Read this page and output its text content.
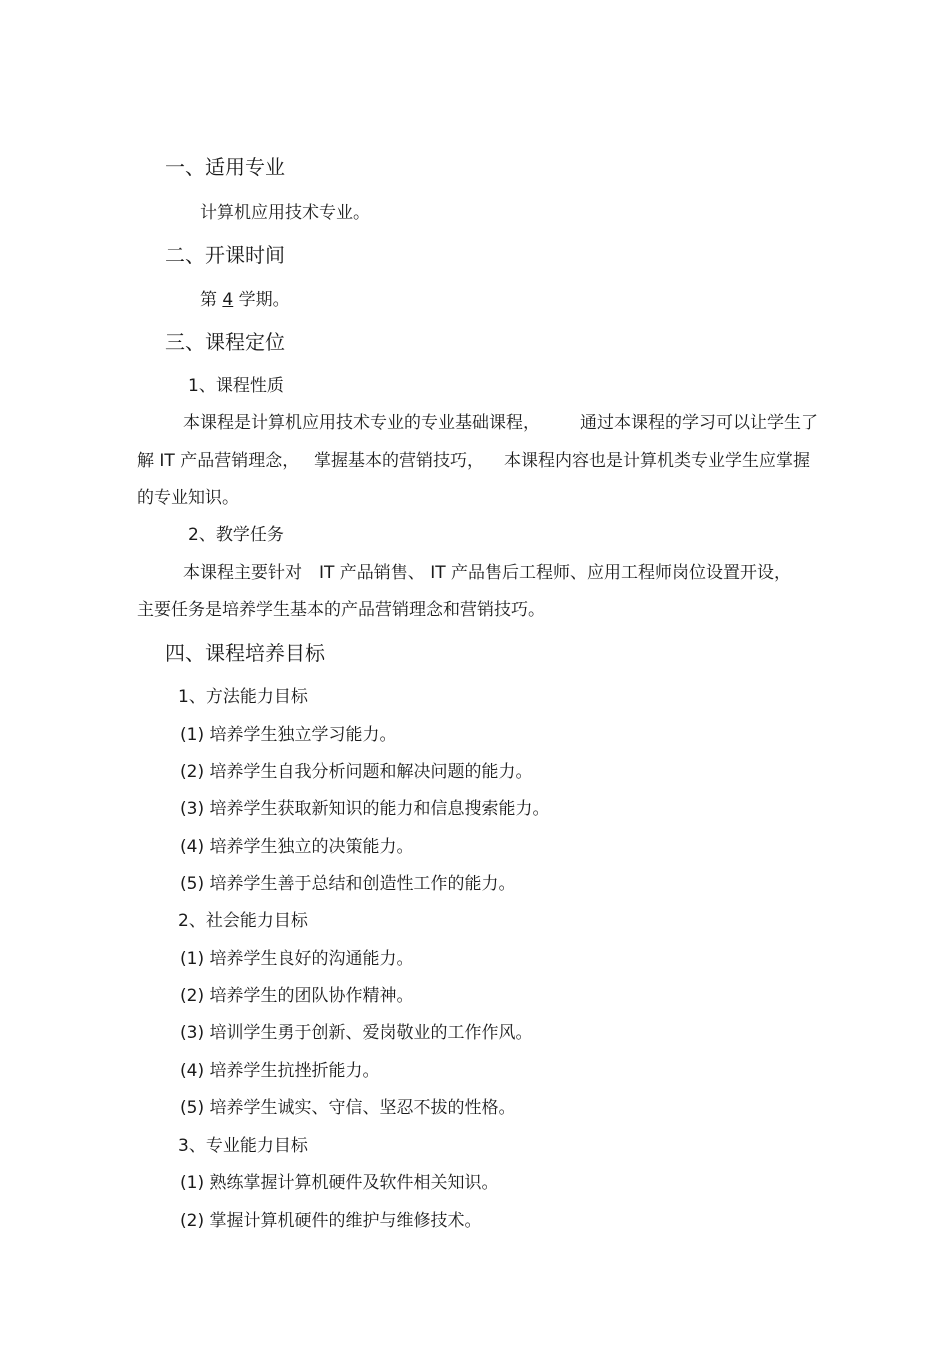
一、适用专业

计算机应用技术专业。

二、开课时间

第 4 学期。

三、课程定位

1、课程性质

本课程是计算机应用技术专业的专业基础课程， 通过本课程的学习可以让学生了

解 IT 产品营销理念， 掌握基本的营销技巧， 本课程内容也是计算机类专业学生应掌握

的专业知识。

2、教学任务

本课程主要针对　IT 产品销售、 IT 产品售后工程师、应用工程师岗位设置开设，

主要任务是培养学生基本的产品营销理念和营销技巧。

四、课程培养目标

1、方法能力目标

(1) 培养学生独立学习能力。

(2) 培养学生自我分析问题和解决问题的能力。

(3) 培养学生获取新知识的能力和信息搜索能力。

(4) 培养学生独立的决策能力。

(5) 培养学生善于总结和创造性工作的能力。

2、社会能力目标

(1) 培养学生良好的沟通能力。

(2) 培养学生的团队协作精神。

(3) 培训学生勇于创新、爱岗敬业的工作作风。

(4) 培养学生抗挫折能力。

(5) 培养学生诚实、守信、坚忍不拔的性格。

3、专业能力目标

(1) 熟练掌握计算机硬件及软件相关知识。

(2) 掌握计算机硬件的维护与维修技术。
